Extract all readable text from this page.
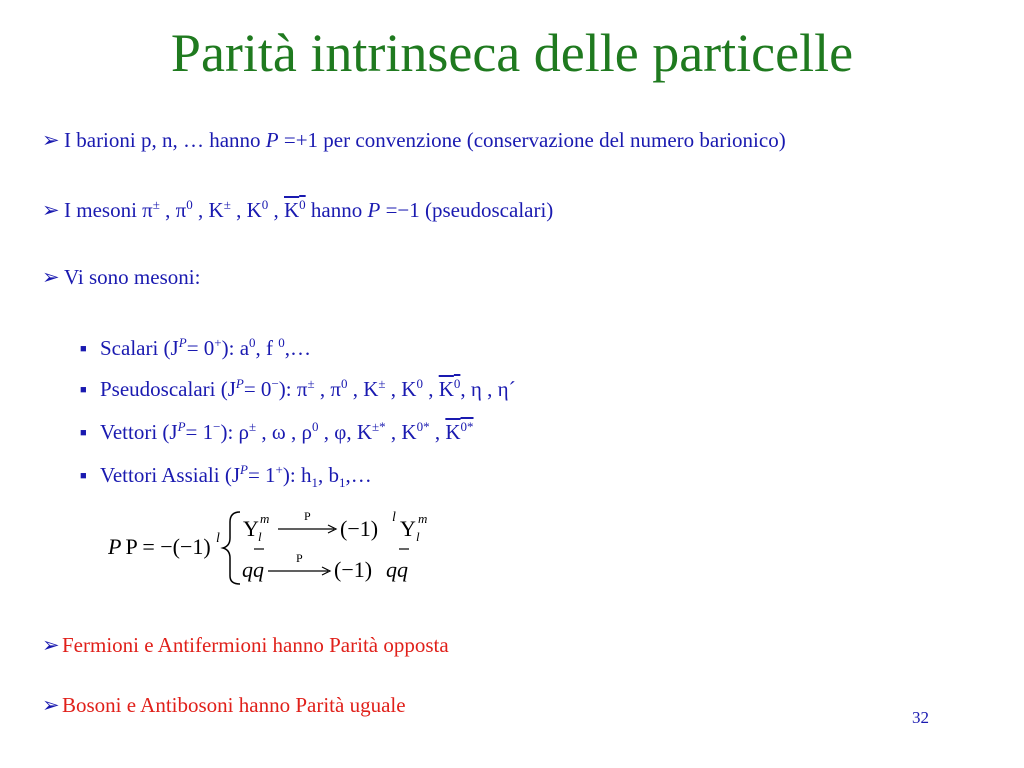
Parità intrinseca delle particelle
➢ I barioni p, n, … hanno P =+1 per convenzione (conservazione del numero barionico)
➢ I mesoni π± , $\pi^0$ , K± , $K^0$ , $K^0$ hanno P =−1 (pseudoscalari)
➢ Vi sono mesoni:
■ Scalari $(J^P= 0^+)$: $a^0$, f $^0$,…
■ Pseudoscalari $(J^P= 0^-)$: π± , $\pi^0$ , K± , $K^0$ , $K^0$, η , η´
■ Vettori $(J^P= 1^-)$: ρ± , ω , $\rho^0$ , φ, K±* , $K^{0*}$ , $K^{0*}$
■ Vettori Assiali $(J^P= 1^+)$: $h_1$, $b_1,\dots$
P P = −(−1) l Y m
l
P (−1) l Y m
l
qq	P (−1) qq
➢ Fermioni e Antifermioni hanno Parità opposta
➢ Bosoni e Antibosoni hanno Parità uguale
32
